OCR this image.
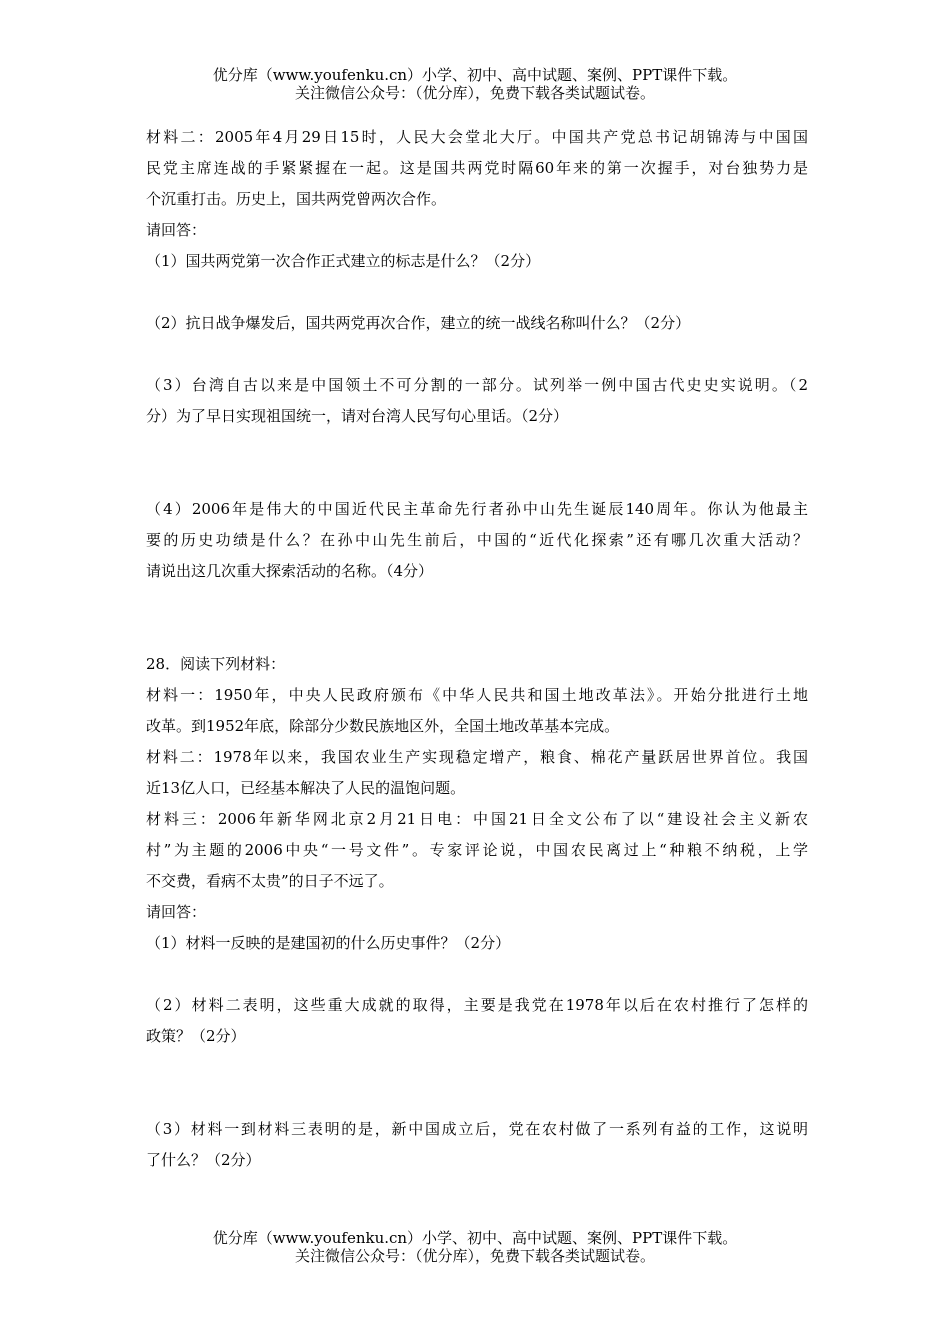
优分库（www.youfenku.cn）小学、初中、高中试题、案例、PPT课件下载。
关注微信公众号：（优分库），免费下载各类试题试卷。
材料二：2005年4月29日15时，人民大会堂北大厅。中国共产党总书记胡锦涛与中国国
民党主席连战的手紧紧握在一起。这是国共两党时隔60年来的第一次握手，对台独势力是
个沉重打击。历史上，国共两党曾两次合作。
请回答：
（1）国共两党第一次合作正式建立的标志是什么？（2分）
（2）抗日战争爆发后，国共两党再次合作，建立的统一战线名称叫什么？（2分）
（3）台湾自古以来是中国领土不可分割的一部分。试列举一例中国古代史史实说明。（2
分）为了早日实现祖国统一，请对台湾人民写句心里话。（2分）
（4）2006年是伟大的中国近代民主革命先行者孙中山先生诞辰140周年。你认为他最主
要的历史功绩是什么？在孙中山先生前后，中国的“近代化探索”还有哪几次重大活动？
请说出这几次重大探索活动的名称。（4分）
28．阅读下列材料：
材料一：1950年，中央人民政府颁布《中华人民共和国土地改革法》。开始分批进行土地
改革。到1952年底，除部分少数民族地区外，全国土地改革基本完成。
材料二：1978年以来，我国农业生产实现稳定增产，粮食、棉花产量跃居世界首位。我国
近13亿人口，已经基本解决了人民的温饱问题。
材料三：2006年新华网北京2月21日电：中国21日全文公布了以“建设社会主义新农
村”为主题的2006中央“一号文件”。专家评论说，中国农民离过上“种粮不纳税，上学
不交费，看病不太贵”的日子不远了。
请回答：
（1）材料一反映的是建国初的什么历史事件？（2分）
（2）材料二表明，这些重大成就的取得，主要是我党在1978年以后在农村推行了怎样的
政策？（2分）
（3）材料一到材料三表明的是，新中国成立后，党在农村做了一系列有益的工作，这说明
了什么？（2分）
优分库（www.youfenku.cn）小学、初中、高中试题、案例、PPT课件下载。
关注微信公众号：（优分库），免费下载各类试题试卷。
